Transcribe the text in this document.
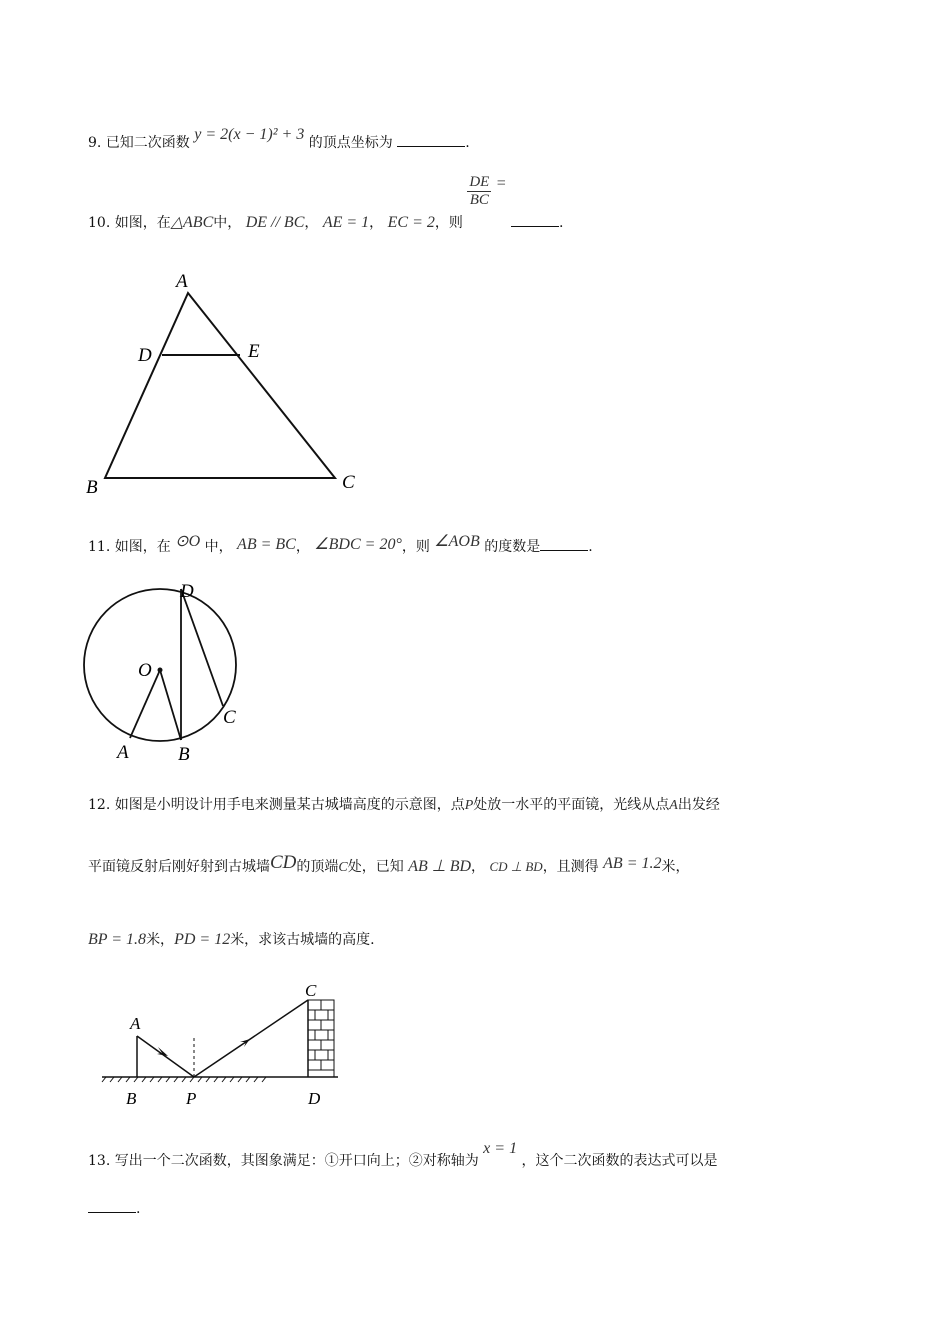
9. 已知二次函数 y = 2(x − 1)² + 3 的顶点坐标为	.
10. 如图，在△ABC中， DE // BC， AE = 1， EC = 2，则
$\frac{DE}{BC}$ = .
A
D	E
B	C
11. 如图，在 ⊙O 中， AB = BC， ∠BDC = 20°，则 ∠AOB 的度数是	.
O
D
C
A	B
12. 如图是小明设计用手电来测量某古城墙高度的示意图，点P处放一水平的平面镜，光线从点A出发经
平面镜反射后刚好射到古城墙CD的顶端C处，已知 AB ⊥ BD， CD ⊥ BD，且测得 AB = 1.2米，
BP = 1.8米，PD = 12米，求该古城墙的高度.
A
C
B	P	D
13. 写出一个二次函数，其图象满足：①开口向上；②对称轴为 x = 1 ，这个二次函数的表达式可以是
.
